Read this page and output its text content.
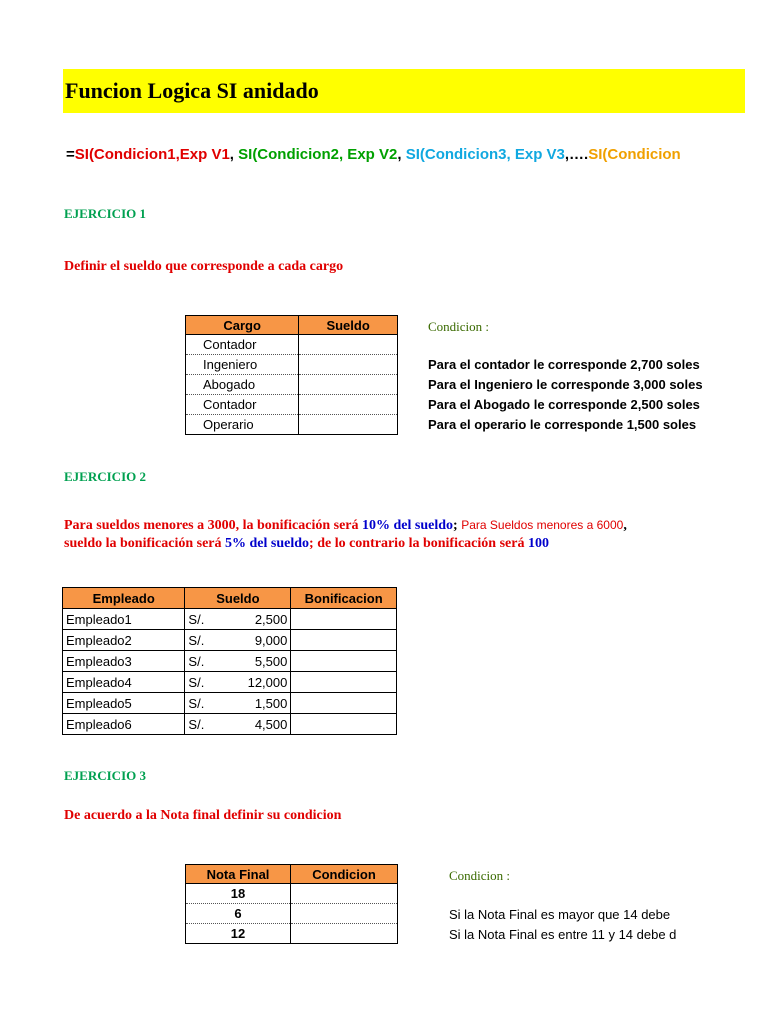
Funcion Logica SI anidado
=SI(Condicion1,Exp V1, SI(Condicion2, Exp V2, SI(Condicion3, Exp V3,….SI(Condicion
EJERCICIO 1
Definir el sueldo que corresponde a cada cargo
Cargo	Sueldo
Contador	
Ingeniero	
Abogado	
Contador	
Operario	
Condicion :
Para el contador le corresponde 2,700 soles
Para el Ingeniero le corresponde 3,000 soles
Para el Abogado le corresponde 2,500 soles
Para el operario le corresponde 1,500 soles
EJERCICIO 2
Para sueldos menores a 3000, la bonificación será 10% del sueldo; Para Sueldos menores a 6000,
sueldo la bonificación será 5% del sueldo; de lo contrario la bonificación será 100
Empleado	Sueldo	Bonificacion
Empleado1	S/. 2,500	

Empleado2	S/. 9,000	

Empleado3	S/. 5,500	

Empleado4	S/. 12,000	

Empleado5	S/. 1,500	

Empleado6	S/. 4,500	

EJERCICIO 3
De acuerdo a la Nota final definir su condicion
Nota Final	Condicion
18	
6	
12	
Condicion :
Si la Nota Final es mayor que 14 debe
Si la Nota Final es entre 11 y 14 debe d
